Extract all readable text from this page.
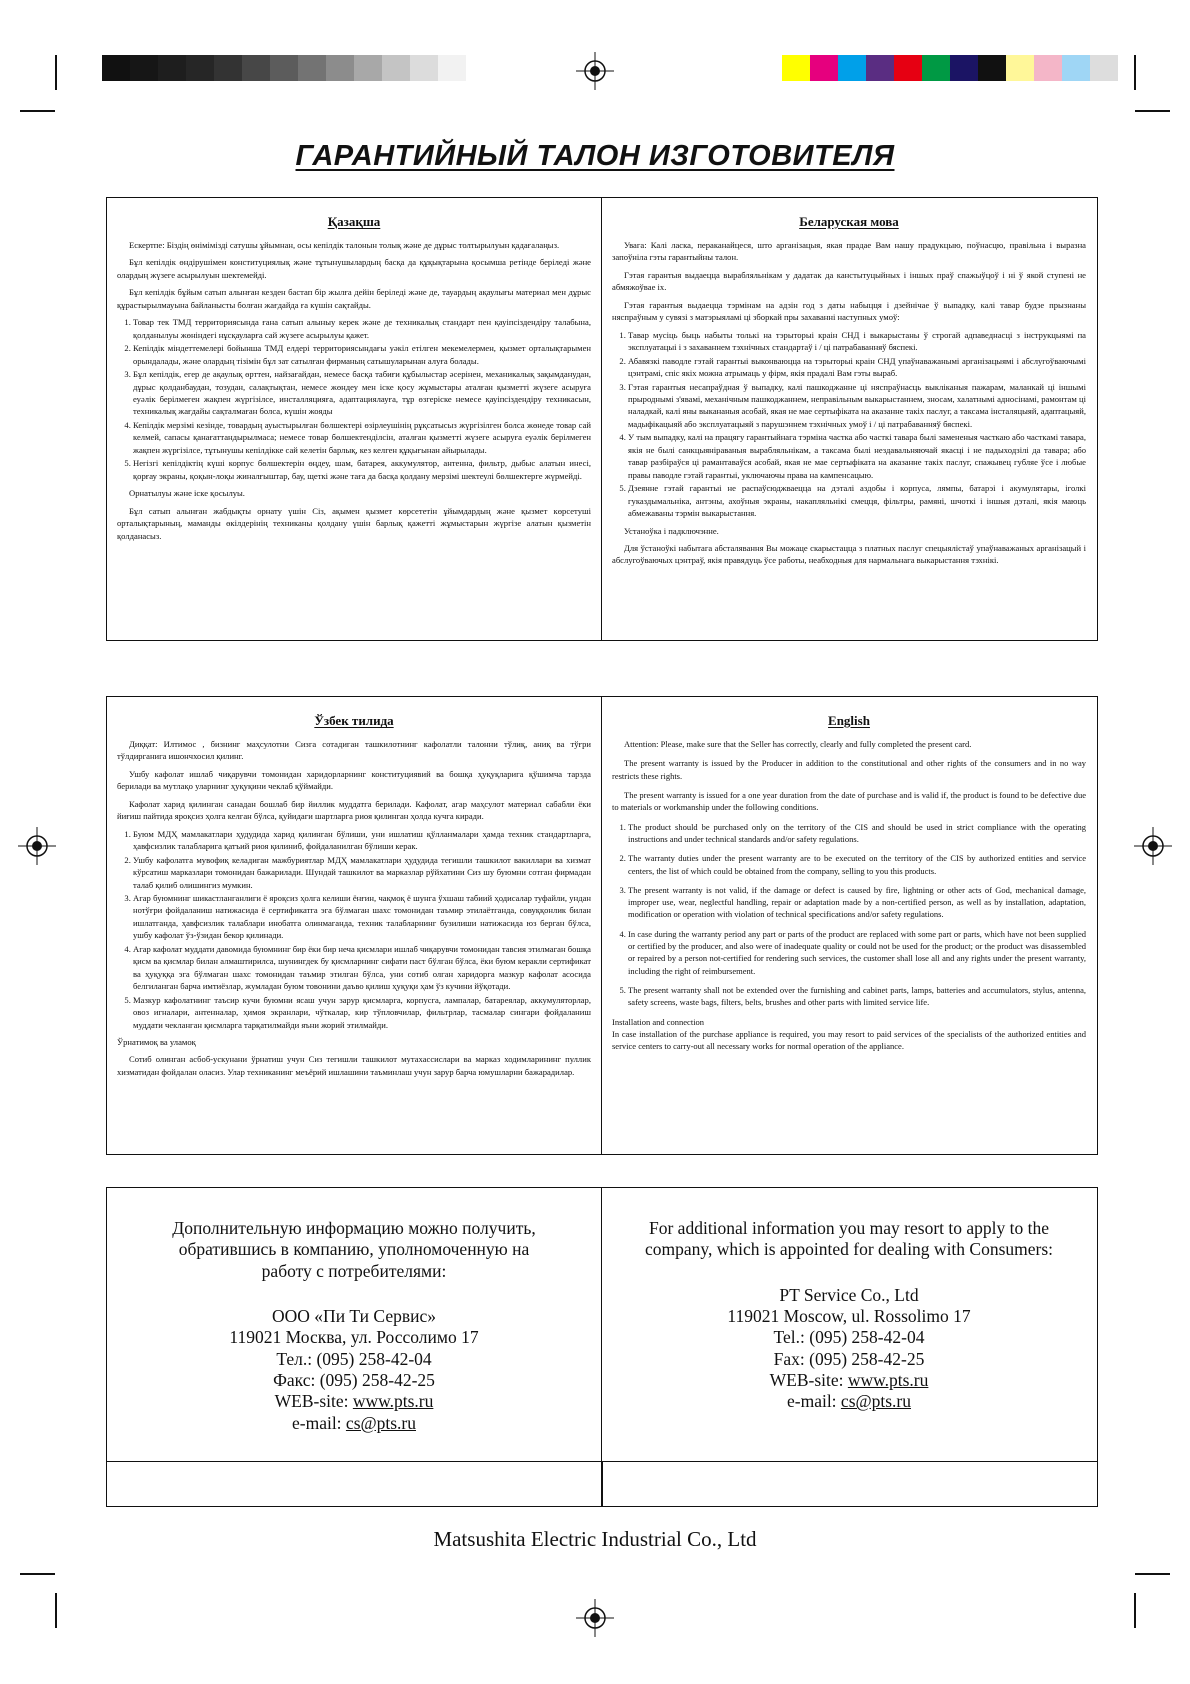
ГАРАНТИЙНЫЙ ТАЛОН ИЗГОТОВИТЕЛЯ
Қазақша

Ескертпе: Біздің өнімімізді сатушы ұйымнан, осы кепілдік талонын толық және де дұрыс толтырылуын қадағалаңыз.

Бұл кепілдік өндірушімен конституциялық және тұтынушылардың басқа да құқықтарына қосымша ретінде беріледі және олардың жүзеге асырылуын шектемейді.

Бұл кепілдік бұйым сатып алынған кезден бастап бір жылға дейін беріледі және де, тауардың ақаулығы материал мен дұрыс құрастырылмауына байланысты болған жағдайда ға күшін сақтайды.

1. Товар тек ТМД территориясында ғана сатып алыныу керек және де техникалық стандарт пен қауіпсіздендіру талабына, қолданылуы жөніндегі нұсқауларға сай жүзеге асырылуы қажет.
2. Кепілдік міндеттемелері бойынша ТМД елдері территориясындағы уәкіл етілген мекемелермен, қызмет орталықтарымен орындалады, және олардың тізімін бұл зат сатылған фирманың сатышуларынан алуға болады.
3. Бұл кепілдік, егер де ақаулық өрттен, найзағайдан, немесе басқа табиғи құбылыстар әсерінен, механикалық зақымданудан, дұрыс қолданбаудан, тозудан, салақтықтан, немесе жөндеу мен іске қосу жұмыстары аталған қызметті жүзеге асыруға еуәлік берілмеген жақпен жүргізілсе, инсталляцияға, адаптациялауға, тұр өзгерiске немесе қауiпсiздендiру техникасын, техникалық жағдайы сақталмаған болса, күшін жояды
4. Кепілдік мерзімі кезінде, товардың ауыстырылған бөлшектері өзірлеушінің рұқсатысыз жүргізілген болса жөнеде товар сай келмей, сапасы қанағаттандырылмаса; немесе товар бөлшектенділсін, аталған қызметті жүзеге асыруға еуәлік берілмеген жақпен жүргізілсе, тұтынушы кепілдікке сай келетін барлық, кез келген құқығынан айырылады.
5. Негізгі кепілдіктің күші корпус бөлшектерін өңдеу, шам, батарея, аккумулятор, антенна, фильтр, дыбыс алатын инесі, қорғау экраны, қоқын-лоқы жиналғыштар, бау, щеткі және таға да басқа қолдану мерзімі шектеулі бөлшектерге жүрмейді.

Орнатылуы және іске қосылуы.

Бұл сатып алынған жабдықты орнату үшін Сіз, ақымен қызмет көрсететін ұйымдардың және қызмет көрсетуші орталықтарының, маманды өкілдерінің техниканы қолдану үшін барлық қажетті жұмыстарын жүргізе алатын қызметін қолданасыз.

Беларуская мова

Увага: Калі ласка, пераканайцеся, што арганізацыя, якая прадае Вам нашу прадукцыю, поўнасцю, правільна і выразна запоўніла гэты гарантыйны талон.

Гэтая гарантыя выдаецца вырабляльнікам у дадатак да канстытуцыйных і іншых праў спажыўцоў і ні ў якой ступені не абмяжоўвае іх.

Гэтая гарантыя выдаецца тэрмінам на адзін год з даты набыцця і дзейнічае ў выпадку, калі тавар будзе прызнаны няспраўным у сувязі з матэрыяламі ці зборкай пры захаванні наступных умоў:

1. Тавар мусіць быць набыты толькі на тэрыторыі краін СНД і выкарыстаны ў строгай адпаведнасці з інструкцыямі па эксплуатацыі і з захаваннем тэхнічных стандартаў і / ці патрабаванняў бяспекі.
2. Абавязкі паводле гэтай гарантыі выконваюцца на тэрыторыі краін СНД упаўнаважанымі арганізацыямі і абслугоўваючымі цэнтрамі, спіс якіх можна атрымаць у фірм, якія прадалі Вам гэты выраб.
3. Гэтая гарантыя несапраўдная ў выпадку, калі пашкоджанне ці няспраўнасць выкліканыя пажарам, маланкай ці іншымі прыроднымі з'явамі, механічным пашкоджаннем, неправільным выкарыстаннем, зносам, халатнымі адносінамі, рамонтам ці наладкай, калі яны выкананыя асобай, якая не мае сертыфіката на аказанне такіх паслуг, а таксама інсталяцыяй, адаптацыяй, мадыфікацыяй або эксплуатацыяй з парушэннем тэхнічных умоў і / ці патрабаванняў бяспекі.
4. У тым выпадку, калі на працягу гарантыйнага тэрміна частка або часткі тавара былі замененыя часткаю або часткамі тавара, якія не былі санкцыянiраваныя вырабляльнікам, а таксама былі нездавальняючай якасці і не падыходзілі да тавара; або тавар разбіраўся ці рамантаваўся асобай, якая не мае сертыфіката на аказанне такіх паслуг, спажывец губляе ўсе і любые правы паводле гэтай гарантыі, уключаючы права на кампенсацыю.
5. Дзеянне гэтай гарантыі не распаўсюджваецца на дэталі аздобы і корпуса, лямпы, батарэі і акумулятары, іголкі гуказдымальніка, антэны, ахоўныя экраны, накапляльнікі смецця, фільтры, рамяні, шчоткі і іншыя дэталі, якія маюць абмежаваны тэрмін выкарыстання.

Устаноўка і падключэнне.

Для ўстаноўкі набытага абсталявання Вы можаце скарыстацца з платных паслуг спецыялістаў упаўнаважаных арганізацый і абслугоўваючых цэнтраў, якія правядуць ўсе работы, неабходныя для нармальнага выкарыстання тэхнікі.

Ўзбек тилида

Диққат: Илтимос , бизнинг маҳсулотни Сизга сотадиган ташкилотнинг кафолатли талонни тўлиқ, аниқ ва тўғри тўлдирганига ишончхосил қилинг.

Ушбу кафолат ишлаб чиқарувчи томонидан харидорларнинг конституциявий ва бошқа ҳуқуқларига қўшимча тарзда берилади ва мутлақо уларнинг ҳуқуқини чеклаб қўймайди.

Кафолат харид қилинган санадан бошлаб бир йиллик муддатга берилади. Кафолат, агар маҳсулот материал сабабли ёки йиғиш пайтида яроқсиз ҳолга келган бўлса, қуйидаги шартларга риоя қилинган ҳолда кучга киради.

1. Буюм МДҲ мамлакатлари ҳудудида харид қилинган бўлиши, уни ишлатиш қўлланмалари ҳамда техник стандартларга, ҳавфсизлик талабларига қатъий риоя қилиниб, фойдаланилган бўлиши керак.
2. Ушбу кафолатга мувофиқ келадиган мажбуриятлар МДҲ мамлакатлари ҳудудида тегишли ташкилот вакиллари ва хизмат кўрсатиш марказлари томонидан бажарилади. Шундай ташкилот ва марказлар рўйхатини Сиз шу буюмни сотган фирмадан талаб қилиб олишингиз мумкин.
3. Агар буюмнинг шикастланганлиги ё яроқсиз ҳолга келиши ёнғин, чақмоқ ё шунга ўхшаш табиий ҳодисалар туфайли, ундан нотўғри фойдаланиш натижасида ё сертификатга эга бўлмаган шахс томонидан таъмир этилаётганда, совуққонлик билан ишлатганда, ҳавфсизлик талаблари инобатга олинмаганда, техник талабларнинг бузилиши натижасида юз берган бўлса, ушбу кафолат ўз-ўзидан бекор қилинади.
4. Агар кафолат муддати давомида буюмнинг бир ёки бир неча қисмлари ишлаб чиқарувчи томонидан тавсия этилмаган бошқа қисм ва қисмлар билан алмаштирилса, шунингдек бу қисмларнинг сифати паст бўлган бўлса, ёки буюм керакли сертификат ва ҳуқуққа эга бўлмаган шахс томонидан таъмир этилган бўлса, уни сотиб олган харидорга мазкур кафолат асосида белгиланган барча имтиёзлар, жумладан буюм товонини даъво қилиш ҳуқуқи ҳам ўз кучини йўқотади.
5. Мазкур кафолатнинг таъсир кучи буюмни ясаш учун зарур қисмларга, корпусга, лампалар, батареялар, аккумуляторлар, овоз игналари, антенналар, ҳимоя экранлари, чўткалар, кир тўпловчилар, фильтрлар, тасмалар сингари фойдаланиш муддати чекланган қисмларга тарқатилмайди яъни жорий этилмайди.

Ўрнатимоқ ва уламоқ

Сотиб олинган асбоб-ускунани ўрнатиш учун Сиз тегишли ташкилот мутахассислари ва марказ ходимларининг пуллик хизматидан фойдалан оласиз. Улар техниканинг меъёрий ишлашини таъминлаш учун зарур барча юмушларни бажарадилар.

English

Attention: Please, make sure that the Seller has correctly, clearly and fully completed the present card.

The present warranty is issued by the Producer in addition to the constitutional and other rights of the consumers and in no way restricts these rights.

The present warranty is issued for a one year duration from the date of purchase and is valid if, the product is found to be defective due to materials or workmanship under the following conditions.

1. The product should be purchased only on the territory of the CIS and should be used in strict compliance with the operating instructions and under technical standards and/or safety regulations.
2. The warranty duties under the present warranty are to be executed on the territory of the CIS by authorized entities and service centers, the list of which could be obtained from the company, selling to you this products.
3. The present warranty is not valid, if the damage or defect is caused by fire, lightning or other acts of God, mechanical damage, improper use, wear, neglectful handling, repair or adaptation made by a non-certified person, as well as by installation, adaptation, modification or operation with violation of technical specifications and/or safety regulations.
4. In case during the warranty period any part or parts of the product are replaced with some part or parts, which have not been supplied or certified by the producer, and also were of inadequate quality or could not be used for the product; or the product was disassembled or repaired by a person not-certified for rendering such services, the customer shall lose all and any rights under the present warranty, including the right of reimbursement.
5. The present warranty shall not be extended over the furnishing and cabinet parts, lamps, batteries and accumulators, stylus, antenna, safety screens, waste bags, filters, belts, brushes and other parts with limited service life.

Installation and connection

In case installation of the purchase appliance is required, you may resort to paid services of the specialists of the authorized entities and service centers to carry-out all necessary works for normal operation of the appliance.

Дополнительную информацию можно получить, обратившись в компанию, уполномоченную на работу с потребителями:

ООО «Пи Ти Сервис»
119021 Москва, ул. Россолимо 17
Тел.: (095) 258-42-04
Факс: (095) 258-42-25
WEB-site: www.pts.ru
e-mail: cs@pts.ru

For additional information you may resort to apply to the company, which is appointed for dealing with Consumers:

PT Service Co., Ltd
119021 Moscow, ul. Rossolimo 17
Tel.: (095) 258-42-04
Fax: (095) 258-42-25
WEB-site: www.pts.ru
e-mail: cs@pts.ru
Matsushita Electric Industrial Co., Ltd
